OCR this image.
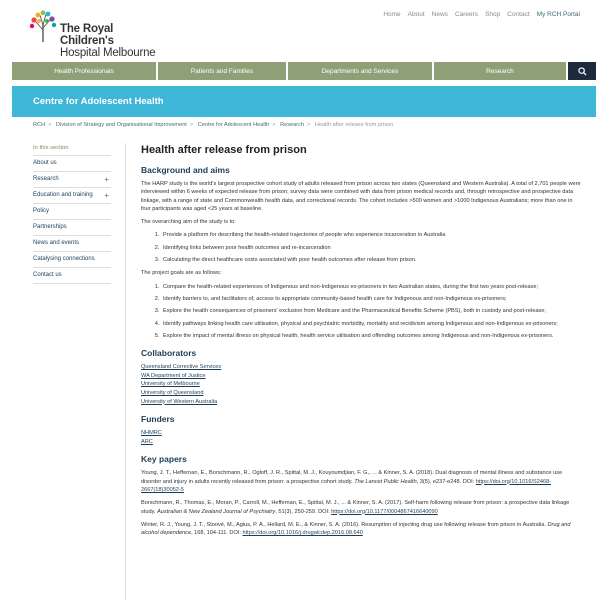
The Royal Children's
Hospital Melbourne
Home About News Careers Shop Contact My RCH Portal
Health Professionals	Patients and Families	Departments and Services	Research
Centre for Adolescent Health
RCH > Division of Strategy and Organisational Improvement > Centre for Adolescent Health > Research > Health after release from prison
In this section
About us
Research	+
Education and training +
Policy
Partnerships
News and events
Catalysing connections
Contact us
Health after release from prison
Background and aims

The HARP study is the world's largest prospective cohort study of adults released from prison across two states (Queensland and Western Australia). A total of 2,701 people were interviewed within 6 weeks of expected release from prison; survey data were combined with data from prison medical records and, through retrospective and prospective data linkage, with a range of state and Commonwealth health data, and correctional records. The cohort includes >500 women and >1000 Indigenous Australians; more than one in four participants was aged <25 years at baseline.

The overarching aim of the study is to:

1. Provide a platform for describing the health-related trajectories of people who experience incarceration in Australia
2. Identifying links between poor health outcomes and re-incarceration
3. Calculating the direct healthcare costs associated with poor health outcomes after release from prison.

The project goals are as follows:

1. Compare the health-related experiences of Indigenous and non-Indigenous ex-prisoners in two Australian states, during the first two years post-release;
2. Identify barriers to, and facilitators of, access to appropriate community-based health care for Indigenous and non-Indigenous ex-prisoners;
3. Explore the health consequences of prisoners' exclusion from Medicare and the Pharmaceutical Benefits Scheme (PBS), both in custody and post-release;
4. Identify pathways linking health care utilisation, physical and psychiatric morbidity, mortality and recidivism among Indigenous and non-Indigenous ex-prisoners;
5. Explore the impact of mental illness on physical health, health service utilisation and offending outcomes among Indigenous and non-Indigenous ex-prisoners.
Collaborators
Queensland Corrective Services
WA Department of Justice
University of Melbourne
University of Queensland
University of Western Australia
Funders
NHMRC
ARC
Key papers
Young, J. T., Heffernan, E., Borschmann, R., Ogloff, J. R., Spittal, M. J., Kouyoumdjian, F. G., ... & Kinner, S. A. (2018). Dual diagnosis of mental illness and substance use disorder and injury in adults recently released from prison: a prospective cohort study. The Lancet Public Health, 3(5), e237-e248. DOI: https://doi.org/10.1016/S2468-2667(18)30052-5
Borschmann, R., Thomas, E., Moran, P., Carroll, M., Heffernan, E., Spittal, M. J., ... & Kinner, S. A. (2017). Self-harm following release from prison: a prospective data linkage study. Australian & New Zealand Journal of Psychiatry, 51(3), 250-259. DOI: https://doi.org/10.1177/0004867416640090
Winter, R. J., Young, J. T., Stoové, M., Agius, P. A., Hellard, M. E., & Kinner, S. A. (2016). Resumption of injecting drug use following release from prison in Australia. Drug and alcohol dependence, 168, 104-111. DOI: https://doi.org/10.1016/j.drugalcdep.2016.08.640
